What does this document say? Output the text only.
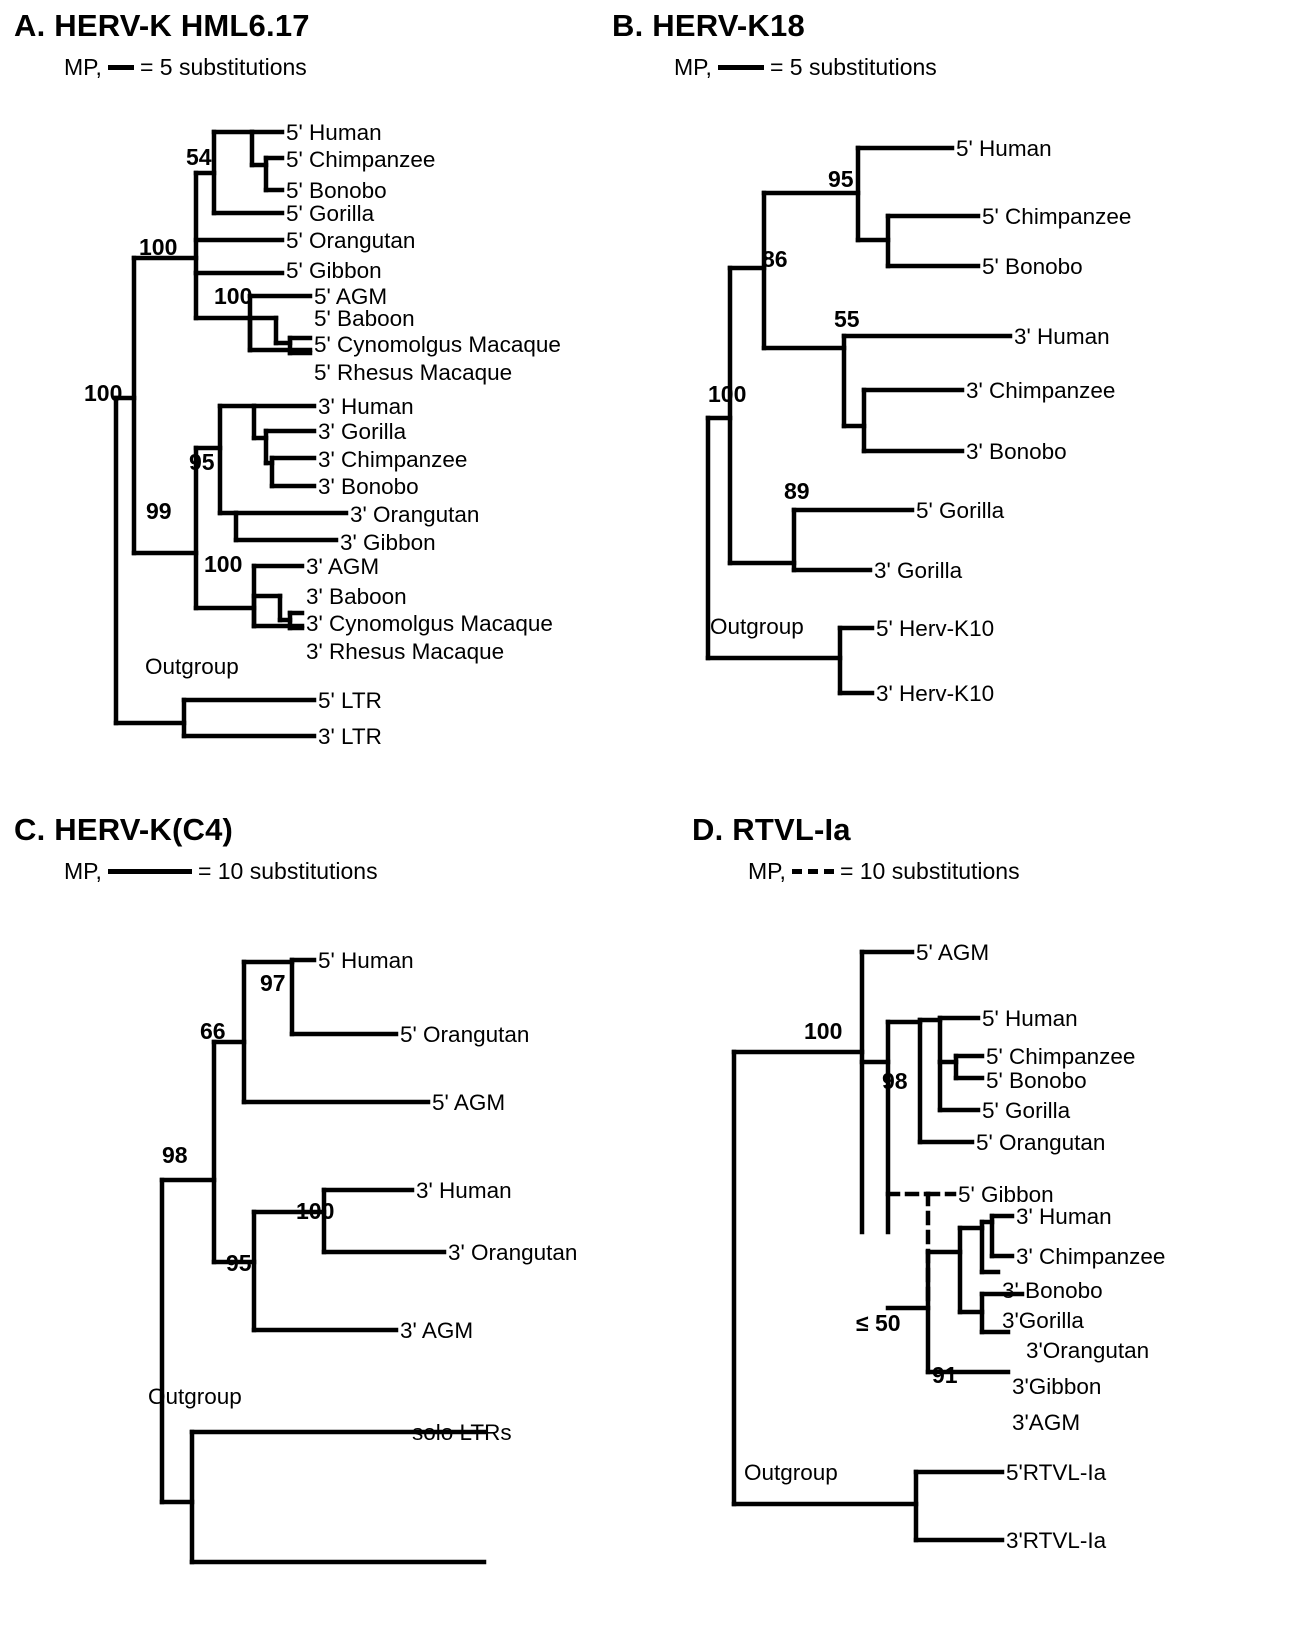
A. HERV-K HML6.17
MP, = 5 substitutions
54
100
100
100
95
99
100
Outgroup
5' Human
5' Chimpanzee
5' Bonobo
5' Gorilla
5' Orangutan
5' Gibbon
5' AGM
5' Baboon
5' Cynomolgus Macaque
5' Rhesus Macaque
3' Human
3' Gorilla
3' Chimpanzee
3' Bonobo
3' Orangutan
3' Gibbon
3' AGM
3' Baboon
3' Cynomolgus Macaque
3' Rhesus Macaque
5' LTR
3' LTR
B. HERV-K18
MP,	= 5 substitutions
95
86
55
100
89
Outgroup
5' Human
5' Chimpanzee
5' Bonobo
3' Human
3' Chimpanzee
3' Bonobo
5' Gorilla
3' Gorilla
5' Herv-K10
3' Herv-K10
C. HERV-K(C4)
MP,	= 10 substitutions
97
66
98
100
95
Outgroup
5' Human
5' Orangutan
5' AGM
3' Human
3' Orangutan
3' AGM
solo LTRs
D. RTVL-Ia
MP, = 10 substitutions
100
98
≤ 50
91
Outgroup
5' AGM
5' Human
5' Chimpanzee
5' Bonobo
5' Gorilla
5' Orangutan
5' Gibbon
3' Human
3' Chimpanzee
3' Bonobo
3'Gorilla
3'Orangutan
3'Gibbon
3'AGM
5'RTVL-Ia
3'RTVL-Ia
